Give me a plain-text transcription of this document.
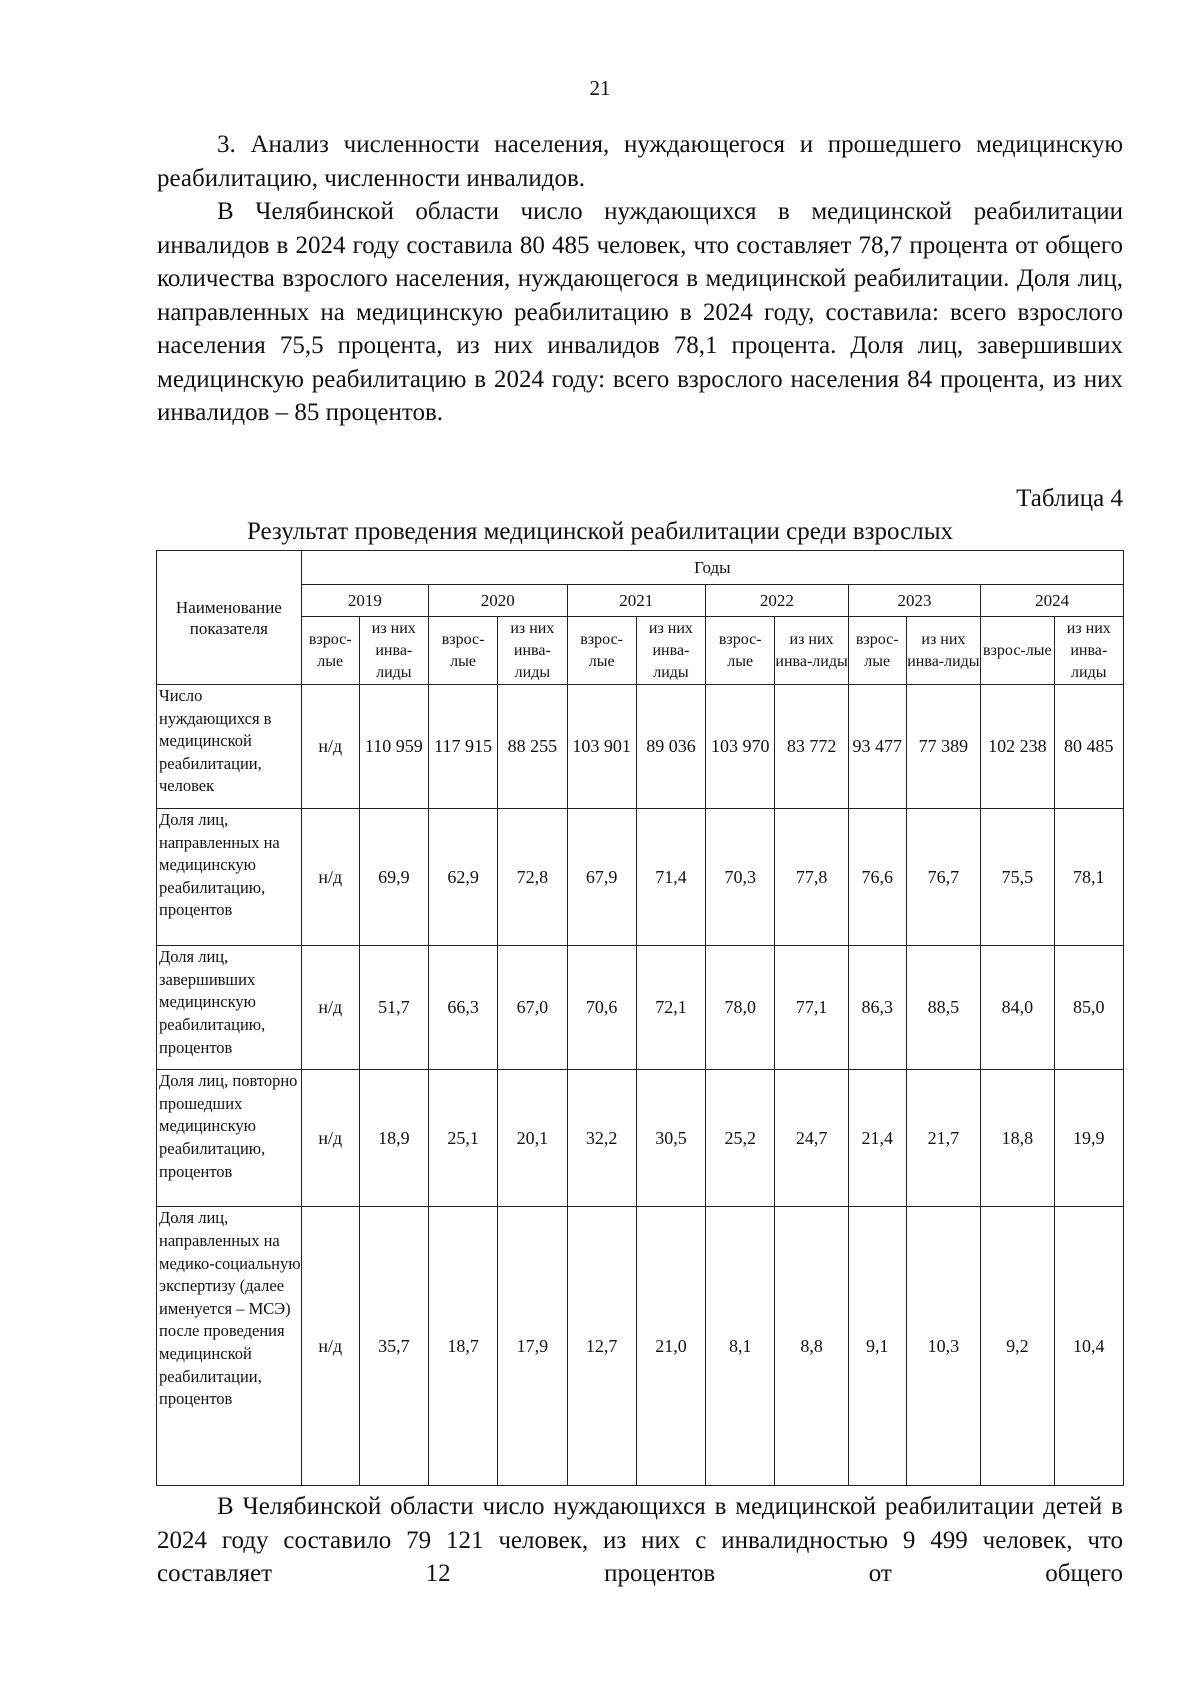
21

3. Анализ численности населения, нуждающегося и прошедшего медицинскую реабилитацию, численности инвалидов.

В Челябинской области число нуждающихся в медицинской реабилитации инвалидов в 2024 году составила 80 485 человек, что составляет 78,7 процента от общего количества взрослого населения, нуждающегося в медицинской реабилитации. Доля лиц, направленных на медицинскую реабилитацию в 2024 году, составила: всего взрослого населения 75,5 процента, из них инвалидов 78,1 процента. Доля лиц, завершивших медицинскую реабилитацию в 2024 году: всего взрослого населения 84 процента, из них инвалидов – 85 процентов.

Таблица 4
Результат проведения медицинской реабилитации среди взрослых
Наименование показателя	Годы											
	2019		2020		2021		2022		2023		2024	
	взрос-лые	из них инва-лиды	взрос-лые	из них инва-лиды	взрос-лые	из них инва-лиды	взрос-лые	из них инва-лиды	взрос-лые	из них инва-лиды	взрос-лые	из них инва-лиды
Число нуждающихся в медицинской реабилитации, человек	н/д	110 959	117 915	88 255	103 901	89 036	103 970	83 772	93 477	77 389	102 238	80 485
Доля лиц, направленных на медицинскую реабилитацию, процентов	н/д	69,9	62,9	72,8	67,9	71,4	70,3	77,8	76,6	76,7	75,5	78,1
Доля лиц, завершивших медицинскую реабилитацию, процентов	н/д	51,7	66,3	67,0	70,6	72,1	78,0	77,1	86,3	88,5	84,0	85,0
Доля лиц, повторно прошедших медицинскую реабилитацию, процентов	н/д	18,9	25,1	20,1	32,2	30,5	25,2	24,7	21,4	21,7	18,8	19,9
Доля лиц, направленных на медико-социальную экспертизу (далее именуется – МСЭ) после проведения медицинской реабилитации, процентов	н/д	35,7	18,7	17,9	12,7	21,0	8,1	8,8	9,1	10,3	9,2	10,4

В Челябинской области число нуждающихся в медицинской реабилитации детей в 2024 году составило 79 121 человек, из них с инвалидностью 9 499 человек, что составляет 12 процентов от общего
